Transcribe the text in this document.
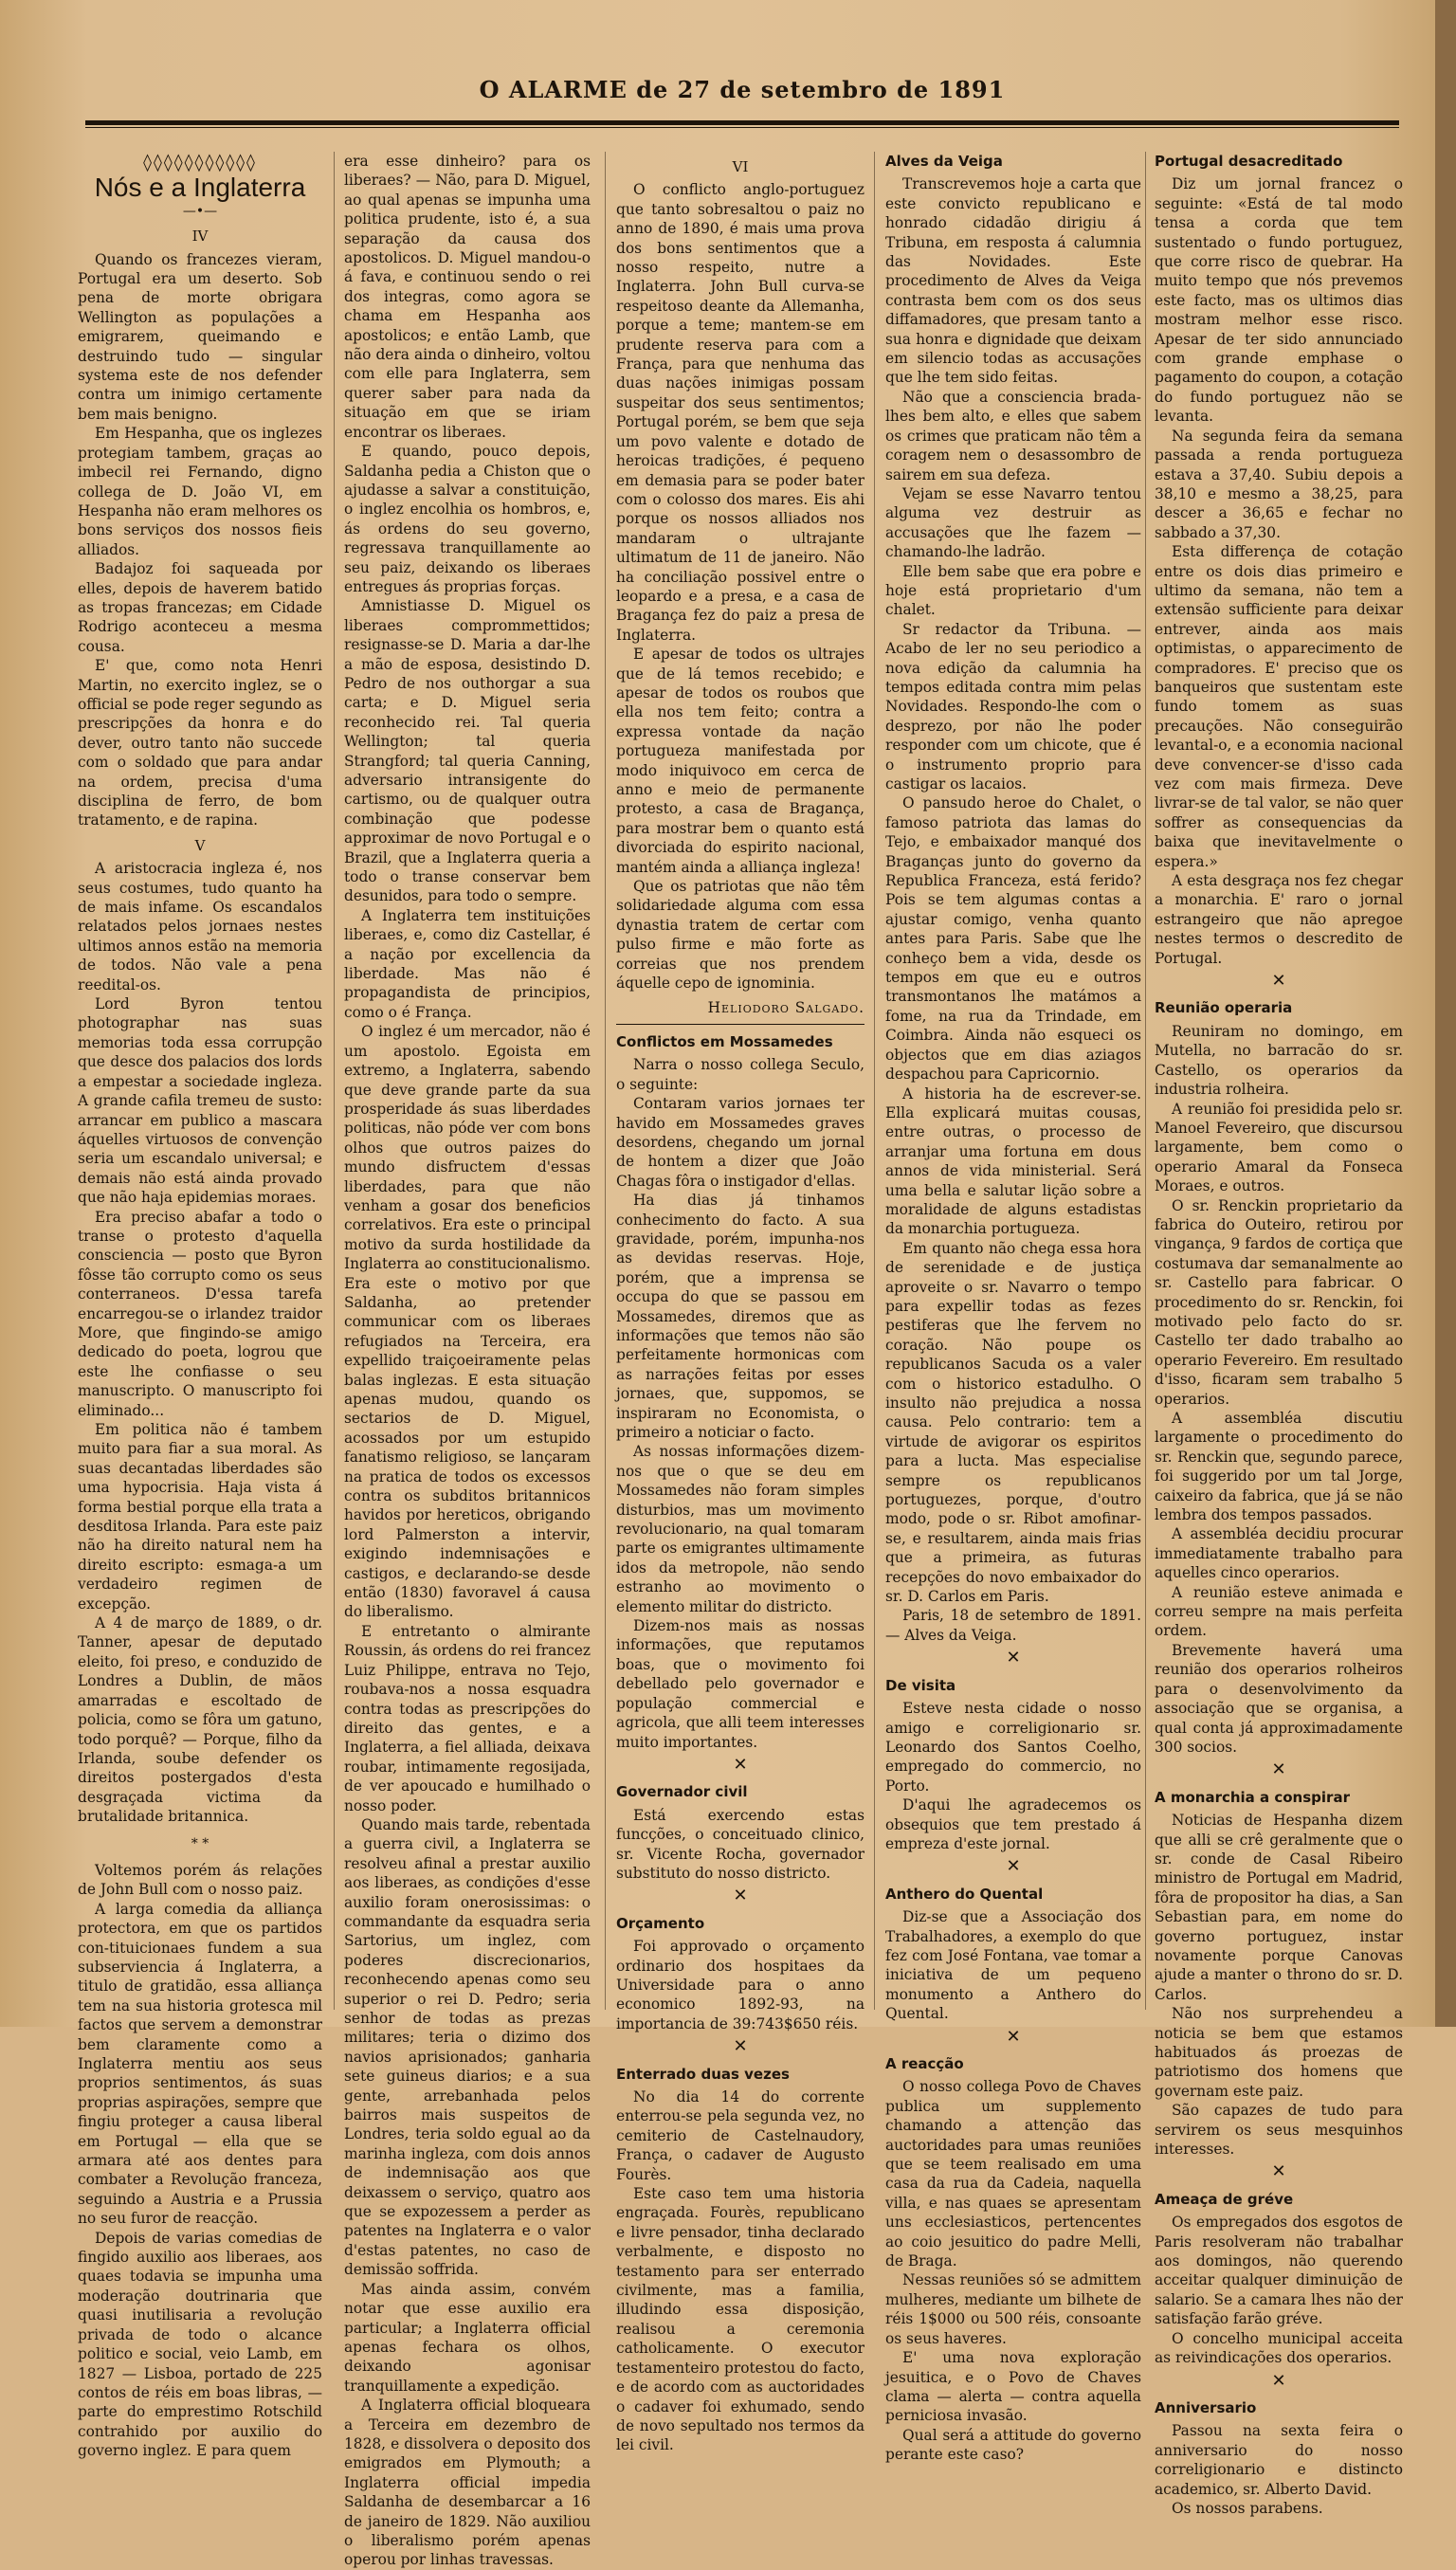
O ALARME de 27 de setembro de 1891
◊◊◊◊◊◊◊◊◊◊◊
Nós e a Inglaterra
—•—
IV

Quando os francezes vieram, Portugal era um deserto. Sob pena de morte obrigara Wellington as populações a emigrarem, queimando e destruindo tudo — singular systema este de nos defender contra um inimigo certamente bem mais benigno.

Em Hespanha, que os inglezes protegiam tambem, graças ao imbecil rei Fernando, digno collega de D. João VI, em Hespanha não eram melhores os bons serviços dos nossos fieis alliados.

Badajoz foi saqueada por elles, depois de haverem batido as tropas francezas; em Cidade Rodrigo aconteceu a mesma cousa.

E' que, como nota Henri Martin, no exercito inglez, se o official se pode reger segundo as prescripções da honra e do dever, outro tanto não succede com o soldado que para andar na ordem, precisa d'uma disciplina de ferro, de bom tratamento, e de rapina.

V

A aristocracia ingleza é, nos seus costumes, tudo quanto ha de mais infame. Os escandalos relatados pelos jornaes nestes ultimos annos estão na memoria de todos. Não vale a pena reedital-os.

Lord Byron tentou photographar nas suas memorias toda essa corrupção que desce dos palacios dos lords a empestar a sociedade ingleza. A grande cafila tremeu de susto: arrancar em publico a mascara áquelles virtuosos de convenção seria um escandalo universal; e demais não está ainda provado que não haja epidemias moraes.

Era preciso abafar a todo o transe o protesto d'aquella consciencia — posto que Byron fôsse tão corrupto como os seus conterraneos. D'essa tarefa encarregou-se o irlandez traidor More, que fingindo-se amigo dedicado do poeta, logrou que este lhe confiasse o seu manuscripto. O manuscripto foi eliminado...

Em politica não é tambem muito para fiar a sua moral. As suas decantadas liberdades são uma hypocrisia. Haja vista á forma bestial porque ella trata a desditosa Irlanda. Para este paiz não ha direito natural nem ha direito escripto: esmaga-a um verdadeiro regimen de excepção.

A 4 de março de 1889, o dr. Tanner, apesar de deputado eleito, foi preso, e conduzido de Londres a Dublin, de mãos amarradas e escoltado de policia, como se fôra um gatuno, todo porquê? — Porque, filho da Irlanda, soube defender os direitos postergados d'esta desgraçada victima da brutalidade britannica.

* *

Voltemos porém ás relações de John Bull com o nosso paiz.

A larga comedia da alliança protectora, em que os partidos con-tituicionaes fundem a sua subserviencia á Inglaterra, a titulo de gratidão, essa alliança tem na sua historia grotesca mil factos que servem a demonstrar bem claramente como a Inglaterra mentiu aos seus proprios sentimentos, ás suas proprias aspirações, sempre que fingiu proteger a causa liberal em Portugal — ella que se armara até aos dentes para combater a Revolução franceza, seguindo a Austria e a Prussia no seu furor de reacção.

Depois de varias comedias de fingido auxilio aos liberaes, aos quaes todavia se impunha uma moderação doutrinaria que quasi inutilisaria a revolução privada de todo o alcance politico e social, veio Lamb, em 1827 — Lisboa, portado de 225 contos de réis em boas libras, — parte do emprestimo Rotschild contrahido por auxilio do governo inglez. E para quem

era esse dinheiro? para os liberaes? — Não, para D. Miguel, ao qual apenas se impunha uma politica prudente, isto é, a sua separação da causa dos apostolicos. D. Miguel mandou-o á fava, e continuou sendo o rei dos integras, como agora se chama em Hespanha aos apostolicos; e então Lamb, que não dera ainda o dinheiro, voltou com elle para Inglaterra, sem querer saber para nada da situação em que se iriam encontrar os liberaes.

E quando, pouco depois, Saldanha pedia a Chiston que o ajudasse a salvar a constituição, o inglez encolhia os hombros, e, ás ordens do seu governo, regressava tranquillamente ao seu paiz, deixando os liberaes entregues ás proprias forças.

Amnistiasse D. Miguel os liberaes comprommettidos; resignasse-se D. Maria a dar-lhe a mão de esposa, desistindo D. Pedro de nos outhorgar a sua carta; e D. Miguel seria reconhecido rei. Tal queria Wellington; tal queria Strangford; tal queria Canning, adversario intransigente do cartismo, ou de qualquer outra combinação que podesse approximar de novo Portugal e o Brazil, que a Inglaterra queria a todo o transe conservar bem desunidos, para todo o sempre.

A Inglaterra tem instituições liberaes, e, como diz Castellar, é a nação por excellencia da liberdade. Mas não é propagandista de principios, como o é França.

O inglez é um mercador, não é um apostolo. Egoista em extremo, a Inglaterra, sabendo que deve grande parte da sua prosperidade ás suas liberdades politicas, não póde ver com bons olhos que outros paizes do mundo disfructem d'essas liberdades, para que não venham a gosar dos beneficios correlativos. Era este o principal motivo da surda hostilidade da Inglaterra ao constitucionalismo. Era este o motivo por que Saldanha, ao pretender communicar com os liberaes refugiados na Terceira, era expellido traiçoeiramente pelas balas inglezas. E esta situação apenas mudou, quando os sectarios de D. Miguel, acossados por um estupido fanatismo religioso, se lançaram na pratica de todos os excessos contra os subditos britannicos havidos por hereticos, obrigando lord Palmerston a intervir, exigindo indemnisações e castigos, e declarando-se desde então (1830) favoravel á causa do liberalismo.

E entretanto o almirante Roussin, ás ordens do rei francez Luiz Philippe, entrava no Tejo, roubava-nos a nossa esquadra contra todas as prescripções do direito das gentes, e a Inglaterra, a fiel alliada, deixava roubar, intimamente regosijada, de ver apoucado e humilhado o nosso poder.

Quando mais tarde, rebentada a guerra civil, a Inglaterra se resolveu afinal a prestar auxilio aos liberaes, as condições d'esse auxilio foram onerosissimas: o commandante da esquadra seria Sartorius, um inglez, com poderes discrecionarios, reconhecendo apenas como seu superior o rei D. Pedro; seria senhor de todas as prezas militares; teria o dizimo dos navios aprisionados; ganharia sete guineus diarios; e a sua gente, arrebanhada pelos bairros mais suspeitos de Londres, teria soldo egual ao da marinha ingleza, com dois annos de indemnisação aos que deixassem o serviço, quatro aos que se expozessem a perder as patentes na Inglaterra e o valor d'estas patentes, no caso de demissão soffrida.

Mas ainda assim, convém notar que esse auxilio era particular; a Inglaterra official apenas fechara os olhos, deixando agonisar tranquillamente a expedição.

A Inglaterra official bloqueara a Terceira em dezembro de 1828, e dissolvera o deposito dos emigrados em Plymouth; a Inglaterra official impedia Saldanha de desembarcar a 16 de janeiro de 1829. Não auxiliou o liberalismo porém apenas operou por linhas travessas.

VI

O conflicto anglo-portuguez que tanto sobresaltou o paiz no anno de 1890, é mais uma prova dos bons sentimentos que a nosso respeito, nutre a Inglaterra. John Bull curva-se respeitoso deante da Allemanha, porque a teme; mantem-se em prudente reserva para com a França, para que nenhuma das duas nações inimigas possam suspeitar dos seus sentimentos; Portugal porém, se bem que seja um povo valente e dotado de heroicas tradições, é pequeno em demasia para se poder bater com o colosso dos mares. Eis ahi porque os nossos alliados nos mandaram o ultrajante ultimatum de 11 de janeiro. Não ha conciliação possivel entre o leopardo e a presa, e a casa de Bragança fez do paiz a presa de Inglaterra.

E apesar de todos os ultrajes que de lá temos recebido; e apesar de todos os roubos que ella nos tem feito; contra a expressa vontade da nação portugueza manifestada por modo iniquivoco em cerca de anno e meio de permanente protesto, a casa de Bragança, para mostrar bem o quanto está divorciada do espirito nacional, mantém ainda a alliança ingleza!

Que os patriotas que não têm solidariedade alguma com essa dynastia tratem de certar com pulso firme e mão forte as correias que nos prendem áquelle cepo de ignominia.

Heliodoro Salgado.
Conflictos em Mossamedes

Narra o nosso collega Seculo, o seguinte:

Contaram varios jornaes ter havido em Mossamedes graves desordens, chegando um jornal de hontem a dizer que João Chagas fôra o instigador d'ellas.

Ha dias já tinhamos conhecimento do facto. A sua gravidade, porém, impunha-nos as devidas reservas. Hoje, porém, que a imprensa se occupa do que se passou em Mossamedes, diremos que as informações que temos não são perfeitamente hormonicas com as narrações feitas por esses jornaes, que, suppomos, se inspiraram no Economista, o primeiro a noticiar o facto.

As nossas informações dizem-nos que o que se deu em Mossamedes não foram simples disturbios, mas um movimento revolucionario, na qual tomaram parte os emigrantes ultimamente idos da metropole, não sendo estranho ao movimento o elemento militar do districto.

Dizem-nos mais as nossas informações, que reputamos boas, que o movimento foi debellado pelo governador e população commercial e agricola, que alli teem interesses muito importantes.

✕
Governador civil

Está exercendo estas funcções, o conceituado clinico, sr. Vicente Rocha, governador substituto do nosso districto.

✕
Orçamento

Foi approvado o orçamento ordinario dos hospitaes da Universidade para o anno economico 1892-93, na importancia de 39:743$650 réis.

✕
Enterrado duas vezes

No dia 14 do corrente enterrou-se pela segunda vez, no cemiterio de Castelnaudory, França, o cadaver de Augusto Fourès.

Este caso tem uma historia engraçada. Fourès, republicano e livre pensador, tinha declarado verbalmente, e disposto no testamento para ser enterrado civilmente, mas a familia, illudindo essa disposição, realisou a ceremonia catholicamente. O executor testamenteiro protestou do facto, e de acordo com as auctoridades o cadaver foi exhumado, sendo de novo sepultado nos termos da lei civil.

Alves da Veiga

Transcrevemos hoje a carta que este convicto republicano e honrado cidadão dirigiu á Tribuna, em resposta á calumnia das Novidades. Este procedimento de Alves da Veiga contrasta bem com os dos seus diffamadores, que presam tanto a sua honra e dignidade que deixam em silencio todas as accusações que lhe tem sido feitas.

Não que a consciencia brada-lhes bem alto, e elles que sabem os crimes que praticam não têm a coragem nem o desassombro de sairem em sua defeza.

Vejam se esse Navarro tentou alguma vez destruir as accusações que lhe fazem — chamando-lhe ladrão.

Elle bem sabe que era pobre e hoje está proprietario d'um chalet.

Sr redactor da Tribuna. — Acabo de ler no seu periodico a nova edição da calumnia ha tempos editada contra mim pelas Novidades. Respondo-lhe com o desprezo, por não lhe poder responder com um chicote, que é o instrumento proprio para castigar os lacaios.

O pansudo heroe do Chalet, o famoso patriota das lamas do Tejo, e embaixador manqué dos Braganças junto do governo da Republica Franceza, está ferido? Pois se tem algumas contas a ajustar comigo, venha quanto antes para Paris. Sabe que lhe conheço bem a vida, desde os tempos em que eu e outros transmontanos lhe matámos a fome, na rua da Trindade, em Coimbra. Ainda não esqueci os objectos que em dias aziagos despachou para Capricornio.

A historia ha de escrever-se. Ella explicará muitas cousas, entre outras, o processo de arranjar uma fortuna em dous annos de vida ministerial. Será uma bella e salutar lição sobre a moralidade de alguns estadistas da monarchia portugueza.

Em quanto não chega essa hora de serenidade e de justiça aproveite o sr. Navarro o tempo para expellir todas as fezes pestiferas que lhe fervem no coração. Não poupe os republicanos Sacuda os a valer com o historico estadulho. O insulto não prejudica a nossa causa. Pelo contrario: tem a virtude de avigorar os espiritos para a lucta. Mas especialise sempre os republicanos portuguezes, porque, d'outro modo, pode o sr. Ribot amofinar-se, e resultarem, ainda mais frias que a primeira, as futuras recepções do novo embaixador do sr. D. Carlos em Paris.

Paris, 18 de setembro de 1891. — Alves da Veiga.

✕
De visita

Esteve nesta cidade o nosso amigo e correligionario sr. Leonardo dos Santos Coelho, empregado do commercio, no Porto.

D'aqui lhe agradecemos os obsequios que tem prestado á empreza d'este jornal.

✕
Anthero do Quental

Diz-se que a Associação dos Trabalhadores, a exemplo do que fez com José Fontana, vae tomar a iniciativa de um pequeno monumento a Anthero do Quental.

✕
A reacção

O nosso collega Povo de Chaves publica um supplemento chamando a attenção das auctoridades para umas reuniões que se teem realisado em uma casa da rua da Cadeia, naquella villa, e nas quaes se apresentam uns ecclesiasticos, pertencentes ao coio jesuitico do padre Melli, de Braga.

Nessas reuniões só se admittem mulheres, mediante um bilhete de réis 1$000 ou 500 réis, consoante os seus haveres.

E' uma nova exploração jesuitica, e o Povo de Chaves clama — alerta — contra aquella perniciosa invasão.

Qual será a attitude do governo perante este caso?

Portugal desacreditado

Diz um jornal francez o seguinte: «Está de tal modo tensa a corda que tem sustentado o fundo portuguez, que corre risco de quebrar. Ha muito tempo que nós prevemos este facto, mas os ultimos dias mostram melhor esse risco. Apesar de ter sido annunciado com grande emphase o pagamento do coupon, a cotação do fundo portuguez não se levanta.

Na segunda feira da semana passada a renda portugueza estava a 37,40. Subiu depois a 38,10 e mesmo a 38,25, para descer a 36,65 e fechar no sabbado a 37,30.

Esta differença de cotação entre os dois dias primeiro e ultimo da semana, não tem a extensão sufficiente para deixar entrever, ainda aos mais optimistas, o apparecimento de compradores. E' preciso que os banqueiros que sustentam este fundo tomem as suas precauções. Não conseguirão levantal-o, e a economia nacional deve convencer-se d'isso cada vez com mais firmeza. Deve livrar-se de tal valor, se não quer soffrer as consequencias da baixa que inevitavelmente o espera.»

A esta desgraça nos fez chegar a monarchia. E' raro o jornal estrangeiro que não apregoe nestes termos o descredito de Portugal.

✕
Reunião operaria

Reuniram no domingo, em Mutella, no barracão do sr. Castello, os operarios da industria rolheira.

A reunião foi presidida pelo sr. Manoel Fevereiro, que discursou largamente, bem como o operario Amaral da Fonseca Moraes, e outros.

O sr. Renckin proprietario da fabrica do Outeiro, retirou por vingança, 9 fardos de cortiça que costumava dar semanalmente ao sr. Castello para fabricar. O procedimento do sr. Renckin, foi motivado pelo facto do sr. Castello ter dado trabalho ao operario Fevereiro. Em resultado d'isso, ficaram sem trabalho 5 operarios.

A assembléa discutiu largamente o procedimento do sr. Renckin que, segundo parece, foi suggerido por um tal Jorge, caixeiro da fabrica, que já se não lembra dos tempos passados.

A assembléa decidiu procurar immediatamente trabalho para aquelles cinco operarios.

A reunião esteve animada e correu sempre na mais perfeita ordem.

Brevemente haverá uma reunião dos operarios rolheiros para o desenvolvimento da associação que se organisa, a qual conta já approximadamente 300 socios.

✕
A monarchia a conspirar

Noticias de Hespanha dizem que alli se crê geralmente que o sr. conde de Casal Ribeiro ministro de Portugal em Madrid, fôra de propositor ha dias, a San Sebastian para, em nome do governo portuguez, instar novamente porque Canovas ajude a manter o throno do sr. D. Carlos.

Não nos surprehendeu a noticia se bem que estamos habituados ás proezas de patriotismo dos homens que governam este paiz.

São capazes de tudo para servirem os seus mesquinhos interesses.

✕
Ameaça de gréve

Os empregados dos esgotos de Paris resolveram não trabalhar aos domingos, não querendo acceitar qualquer diminuição de salario. Se a camara lhes não der satisfação farão gréve.

O concelho municipal acceita as reivindicações dos operarios.

✕
Anniversario

Passou na sexta feira o anniversario do nosso correligionario e distincto academico, sr. Alberto David.

Os nossos parabens.
